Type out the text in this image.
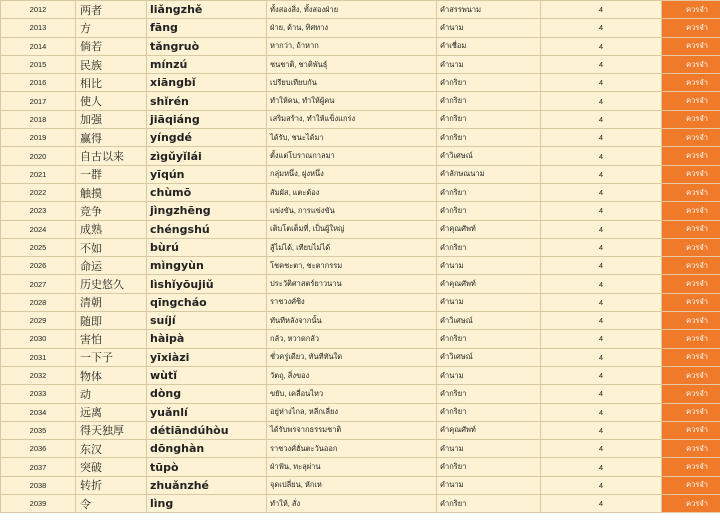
2012	两者	liǎngzhě	ทั้งสองสิ่ง, ทั้งสองฝ่าย	คำสรรพนาม	4	ควรจำ
2013	方	fāng	ฝ่าย, ด้าน, ทิศทาง	คำนาม	4	ควรจำ
2014	倘若	tǎngruò	หากว่า, ถ้าหาก	คำเชื่อม	4	ควรจำ
2015	民族	mínzú	ชนชาติ, ชาติพันธุ์	คำนาม	4	ควรจำ
2016	相比	xiāngbǐ	เปรียบเทียบกัน	คำกริยา	4	ควรจำ
2017	使人	shǐrén	ทำให้คน, ทำให้ผู้คน	คำกริยา	4	ควรจำ
2018	加强	jiāqiáng	เสริมสร้าง, ทำให้แข็งแกร่ง	คำกริยา	4	ควรจำ
2019	赢得	yíngdé	ได้รับ, ชนะได้มา	คำกริยา	4	ควรจำ
2020	自古以来	zìgǔyǐlái	ตั้งแต่โบราณกาลมา	คำวิเศษณ์	4	ควรจำ
2021	一群	yīqún	กลุ่มหนึ่ง, ฝูงหนึ่ง	คำลักษณนาม	4	ควรจำ
2022	触摸	chùmō	สัมผัส, แตะต้อง	คำกริยา	4	ควรจำ
2023	竞争	jìngzhēng	แข่งขัน, การแข่งขัน	คำกริยา	4	ควรจำ
2024	成熟	chéngshú	เติบโตเต็มที่, เป็นผู้ใหญ่	คำคุณศัพท์	4	ควรจำ
2025	不如	bùrú	สู้ไม่ได้, เทียบไม่ได้	คำกริยา	4	ควรจำ
2026	命运	mìngyùn	โชคชะตา, ชะตากรรม	คำนาม	4	ควรจำ
2027	历史悠久	lìshǐyōujiǔ	ประวัติศาสตร์ยาวนาน	คำคุณศัพท์	4	ควรจำ
2028	清朝	qīngcháo	ราชวงศ์ชิง	คำนาม	4	ควรจำ
2029	随即	suíjí	ทันทีหลังจากนั้น	คำวิเศษณ์	4	ควรจำ
2030	害怕	hàipà	กลัว, หวาดกลัว	คำกริยา	4	ควรจำ
2031	一下子	yīxiàzi	ชั่วครู่เดียว, ทันทีทันใด	คำวิเศษณ์	4	ควรจำ
2032	物体	wùtǐ	วัตถุ, สิ่งของ	คำนาม	4	ควรจำ
2033	动	dòng	ขยับ, เคลื่อนไหว	คำกริยา	4	ควรจำ
2034	远离	yuǎnlí	อยู่ห่างไกล, หลีกเลี่ยง	คำกริยา	4	ควรจำ
2035	得天独厚	détiāndúhòu	ได้รับพรจากธรรมชาติ	คำคุณศัพท์	4	ควรจำ
2036	东汉	dōnghàn	ราชวงศ์ฮั่นตะวันออก	คำนาม	4	ควรจำ
2037	突破	tūpò	ฝ่าฟัน, ทะลุผ่าน	คำกริยา	4	ควรจำ
2038	转折	zhuǎnzhé	จุดเปลี่ยน, หักเห	คำนาม	4	ควรจำ
2039	令	lìng	ทำให้, สั่ง	คำกริยา	4	ควรจำ
